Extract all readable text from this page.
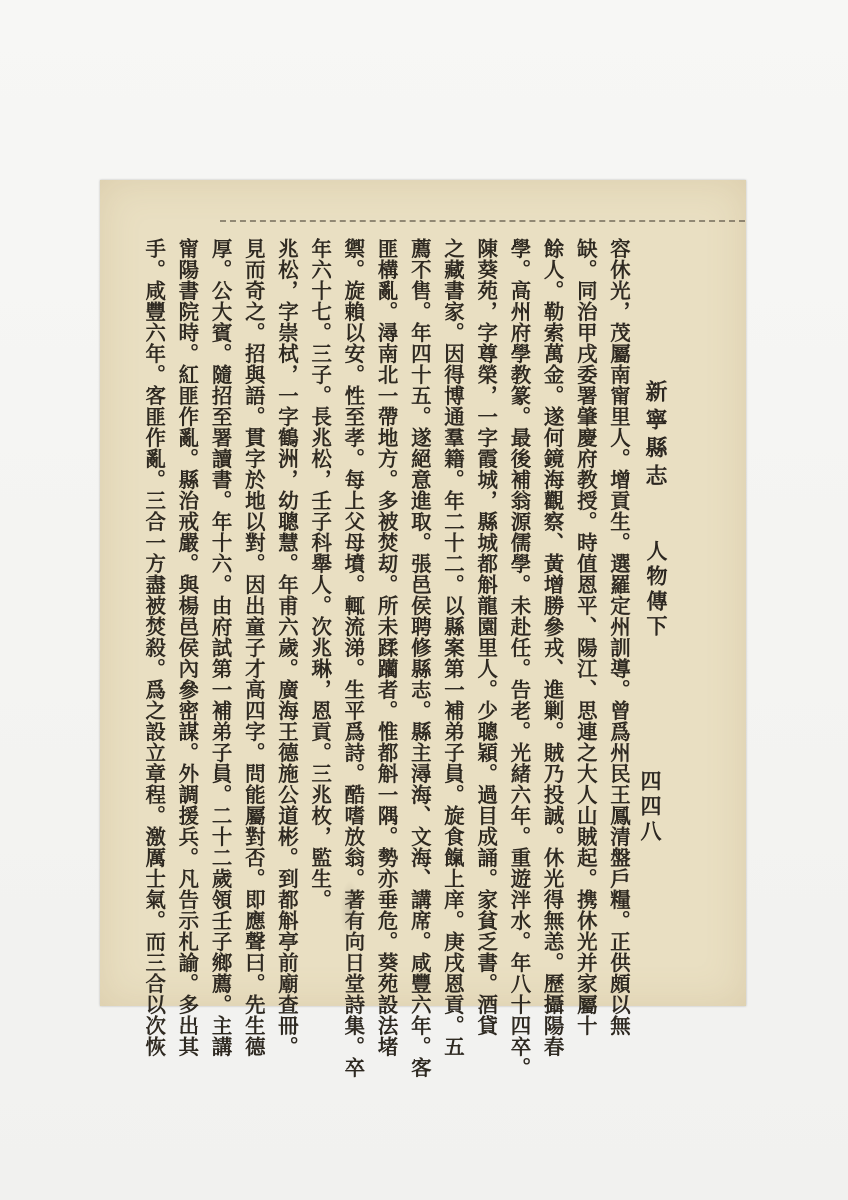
新寧縣志
人物傳下
四四八

容休光，茂屬南甯里人。增貢生。選羅定州訓導。曾爲州民王鳳清盤戶糧。正供頗以無

缺。同治甲戌委署肇慶府教授。時值恩平、陽江、思連之大人山賊起。携休光并家屬十

餘人。勒索萬金。遂何鏡海觀察、黃增勝參戎、進剿。賊乃投誠。休光得無恙。歷攝陽春

學。高州府學教篆。最後補翁源儒學。未赴任。告老。光緒六年。重遊泮水。年八十四卒。

陳葵苑，字尊榮，一字霞城，縣城都斛龍園里人。少聰穎。過目成誦。家貧乏書。酒貸

之藏書家。因得博通羣籍。年二十二。以縣案第一補弟子員。旋食餼上庠。庚戌恩貢。五

薦不售。年四十五。遂絕意進取。張邑侯聘修縣志。縣主潯海、文海、講席。咸豐六年。客

匪構亂。潯南北一帶地方。多被焚刧。所未蹂躪者。惟都斛一隅。勢亦垂危。葵苑設法堵

禦。旋賴以安。性至孝。每上父母墳。輒流涕。生平爲詩。酷嗜放翁。著有向日堂詩集。卒

年六十七。三子。長兆松，壬子科舉人。次兆琳，恩貢。三兆枚，監生。

兆松，字崇栻，一字鶴洲，幼聰慧。年甫六歲。廣海王德施公道彬。到都斛亭前廟查冊。

見而奇之。招與語。貫字於地以對。因出童子才高四字。問能屬對否。即應聲曰。先生德

厚。公大賓。隨招至署讀書。年十六。由府試第一補弟子員。二十二歲領壬子鄉薦。主講

甯陽書院時。紅匪作亂。縣治戒嚴。與楊邑侯內參密謀。外調援兵。凡告示札諭。多出其

手。咸豐六年。客匪作亂。三合一方盡被焚殺。爲之設立章程。激厲士氣。而三合以次恢
